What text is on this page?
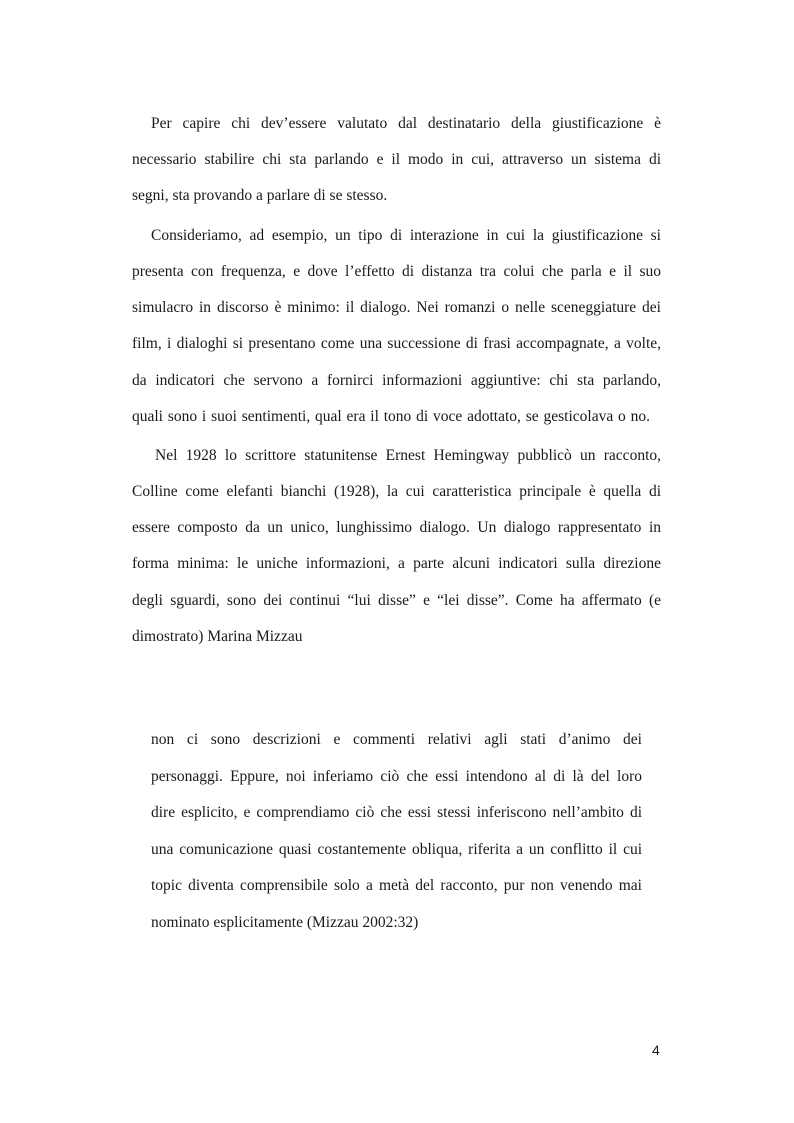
Per capire chi dev’essere valutato dal destinatario della giustificazione è
necessario stabilire chi sta parlando e il modo in cui, attraverso un sistema di
segni, sta provando a parlare di se stesso.
Consideriamo, ad esempio, un tipo di interazione in cui la giustificazione si
presenta con frequenza, e dove l’effetto di distanza tra colui che parla e il suo
simulacro in discorso è minimo: il dialogo. Nei romanzi o nelle sceneggiature dei
film, i dialoghi si presentano come una successione di frasi accompagnate, a volte,
da indicatori che servono a fornirci informazioni aggiuntive: chi sta parlando,
quali sono i suoi sentimenti, qual era il tono di voce adottato, se gesticolava o no.
Nel 1928 lo scrittore statunitense Ernest Hemingway pubblicò un racconto,
Colline come elefanti bianchi (1928), la cui caratteristica principale è quella di
essere composto da un unico, lunghissimo dialogo. Un dialogo rappresentato in
forma minima: le uniche informazioni, a parte alcuni indicatori sulla direzione
degli sguardi, sono dei continui “lui disse” e “lei disse”. Come ha affermato (e
dimostrato) Marina Mizzau
non ci sono descrizioni e commenti relativi agli stati d’animo dei
personaggi. Eppure, noi inferiamo ciò che essi intendono al di là del loro
dire esplicito, e comprendiamo ciò che essi stessi inferiscono nell’ambito di
una comunicazione quasi costantemente obliqua, riferita a un conflitto il cui
topic diventa comprensibile solo a metà del racconto, pur non venendo mai
nominato esplicitamente (Mizzau 2002:32)
4
